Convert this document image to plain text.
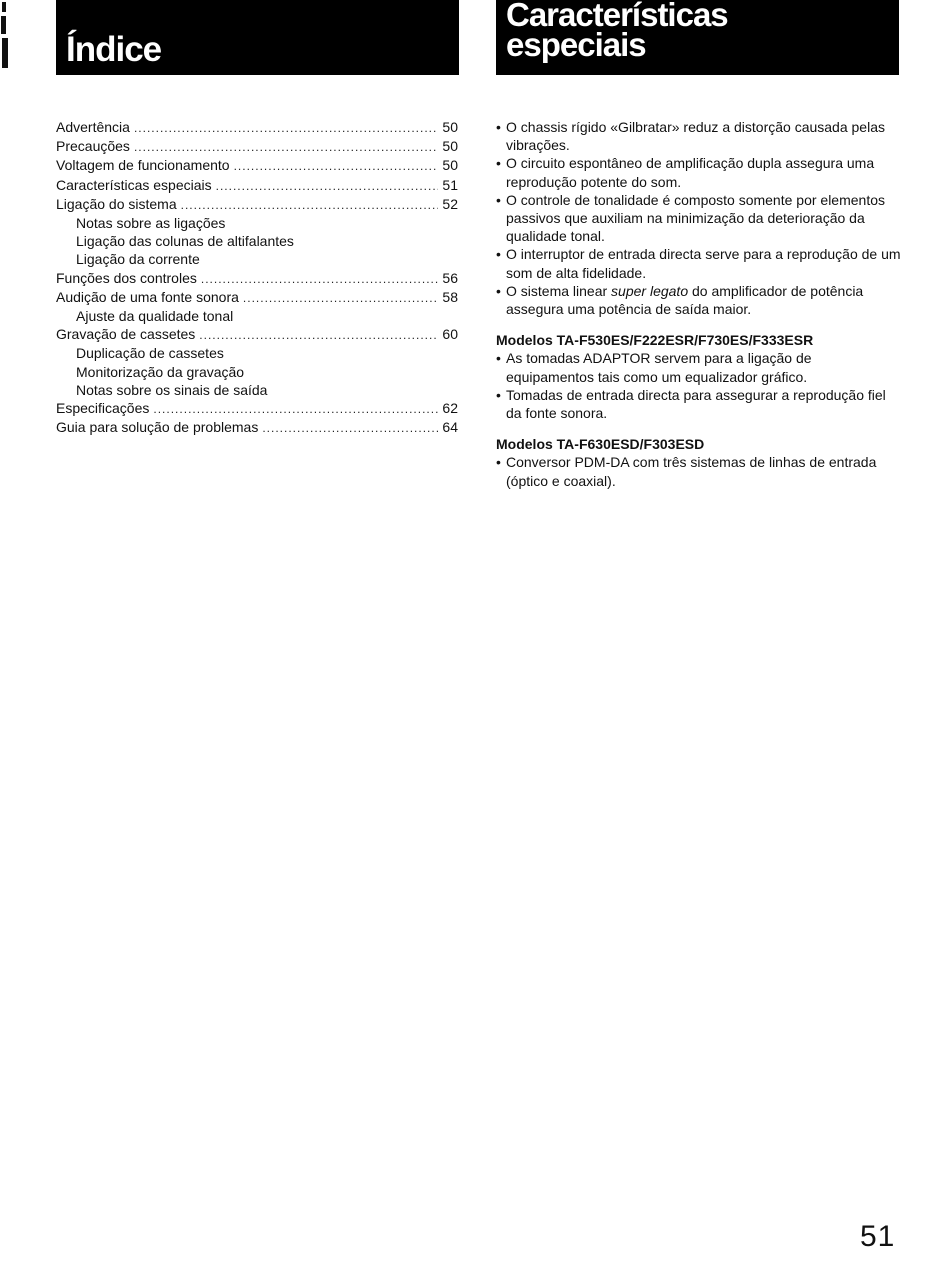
Índice
Características
especiais
Advertência .....	50
Precauções .....	50
Voltagem de funcionamento .....	50
Características especiais .....	51
Ligação do sistema .....	52
Notas sobre as ligações
Ligação das colunas de altifalantes
Ligação da corrente
Funções dos controles .....	56
Audição de uma fonte sonora .....	58
Ajuste da qualidade tonal
Gravação de cassetes .....	60
Duplicação de cassetes
Monitorização da gravação
Notas sobre os sinais de saída
Especificações .....	62
Guia para solução de problemas .....	64
• O chassis rígido «Gilbratar» reduz a distorção causada pelas vibrações.
• O circuito espontâneo de amplificação dupla assegura uma reprodução potente do som.
• O controle de tonalidade é composto somente por elementos passivos que auxiliam na minimização da deterioração da qualidade tonal.
• O interruptor de entrada directa serve para a reprodução de um som de alta fidelidade.
• O sistema linear super legato do amplificador de potência assegura uma potência de saída maior.
Modelos TA-F530ES/F222ESR/F730ES/F333ESR
• As tomadas ADAPTOR servem para a ligação de equipamentos tais como um equalizador gráfico.
• Tomadas de entrada directa para assegurar a reprodução fiel da fonte sonora.
Modelos TA-F630ESD/F303ESD
• Conversor PDM-DA com três sistemas de linhas de entrada (óptico e coaxial).
51
